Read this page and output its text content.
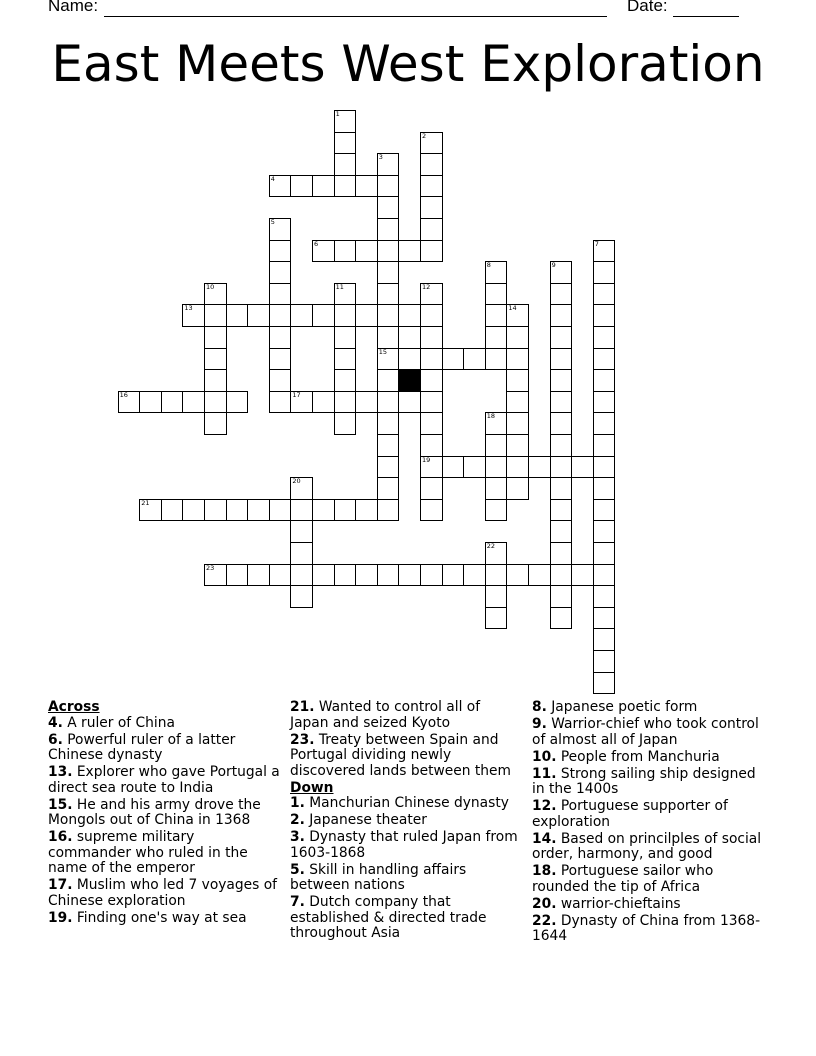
Name:	Date:
East Meets West Exploration
1
2
3
15
4
5
6	7
8	9
10	11	12
19
13	14
16	17
18
20
21
22
23
Across
4. A ruler of China
6. Powerful ruler of a latter Chinese dynasty
13. Explorer who gave Portugal a direct sea route to India
15. He and his army drove the Mongols out of China in 1368
16. supreme military commander who ruled in the name of the emperor
17. Muslim who led 7 voyages of Chinese exploration
19. Finding one's way at sea
21. Wanted to control all of Japan and seized Kyoto
23. Treaty between Spain and Portugal dividing newly discovered lands between them
Down
1. Manchurian Chinese dynasty
2. Japanese theater
3. Dynasty that ruled Japan from 1603-1868
5. Skill in handling affairs between nations
7. Dutch company that established & directed trade throughout Asia
8. Japanese poetic form
9. Warrior-chief who took control of almost all of Japan
10. People from Manchuria
11. Strong sailing ship designed in the 1400s
12. Portuguese supporter of exploration
14. Based on princilples of social order, harmony, and good
18. Portuguese sailor who rounded the tip of Africa
20. warrior-chieftains
22. Dynasty of China from 1368-1644
